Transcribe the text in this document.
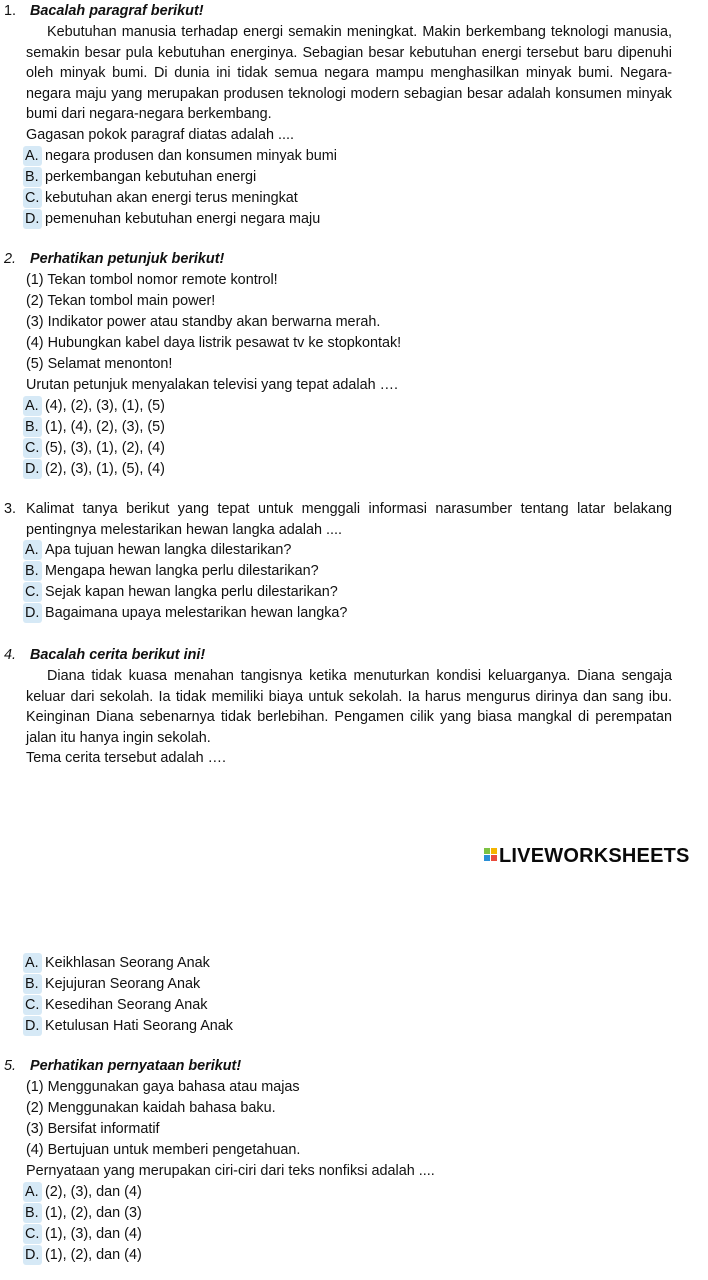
1. Bacalah paragraf berikut!

Kebutuhan manusia terhadap energi semakin meningkat. Makin berkembang teknologi manusia, semakin besar pula kebutuhan energinya. Sebagian besar kebutuhan energi tersebut baru dipenuhi oleh minyak bumi. Di dunia ini tidak semua negara mampu menghasilkan minyak bumi. Negara-negara maju yang merupakan produsen teknologi modern sebagian besar adalah konsumen minyak bumi dari negara-negara berkembang.

Gagasan pokok paragraf diatas adalah ....
A. negara produsen dan konsumen minyak bumi
B. perkembangan kebutuhan energi
C. kebutuhan akan energi terus meningkat
D. pemenuhan kebutuhan energi negara maju
2. Perhatikan petunjuk berikut!
(1) Tekan tombol nomor remote kontrol!
(2) Tekan tombol main power!
(3) Indikator power atau standby akan berwarna merah.
(4) Hubungkan kabel daya listrik pesawat tv ke stopkontak!
(5) Selamat menonton!
Urutan petunjuk menyalakan televisi yang tepat adalah ….
A. (4), (2), (3), (1), (5)
B. (1), (4), (2), (3), (5)
C. (5), (3), (1), (2), (4)
D. (2), (3), (1), (5), (4)
3. Kalimat tanya berikut yang tepat untuk menggali informasi narasumber tentang latar belakang pentingnya melestarikan hewan langka adalah ....

A. Apa tujuan hewan langka dilestarikan?
B. Mengapa hewan langka perlu dilestarikan?
C. Sejak kapan hewan langka perlu dilestarikan?
D. Bagaimana upaya melestarikan hewan langka?
4. Bacalah cerita berikut ini!

Diana tidak kuasa menahan tangisnya ketika menuturkan kondisi keluarganya. Diana sengaja keluar dari sekolah. Ia tidak memiliki biaya untuk sekolah. Ia harus mengurus dirinya dan sang ibu. Keinginan Diana sebenarnya tidak berlebihan. Pengamen cilik yang biasa mangkal di perempatan jalan itu hanya ingin sekolah.

Tema cerita tersebut adalah ….
LIVEWORKSHEETS
A. Keikhlasan Seorang Anak
B. Kejujuran Seorang Anak
C. Kesedihan Seorang Anak
D. Ketulusan Hati Seorang Anak
5. Perhatikan pernyataan berikut!
(1) Menggunakan gaya bahasa atau majas
(2) Menggunakan kaidah bahasa baku.
(3) Bersifat informatif
(4) Bertujuan untuk memberi pengetahuan.
Pernyataan yang merupakan ciri-ciri dari teks nonfiksi adalah ....
A. (2), (3), dan (4)
B. (1), (2), dan (3)
C. (1), (3), dan (4)
D. (1), (2), dan (4)
